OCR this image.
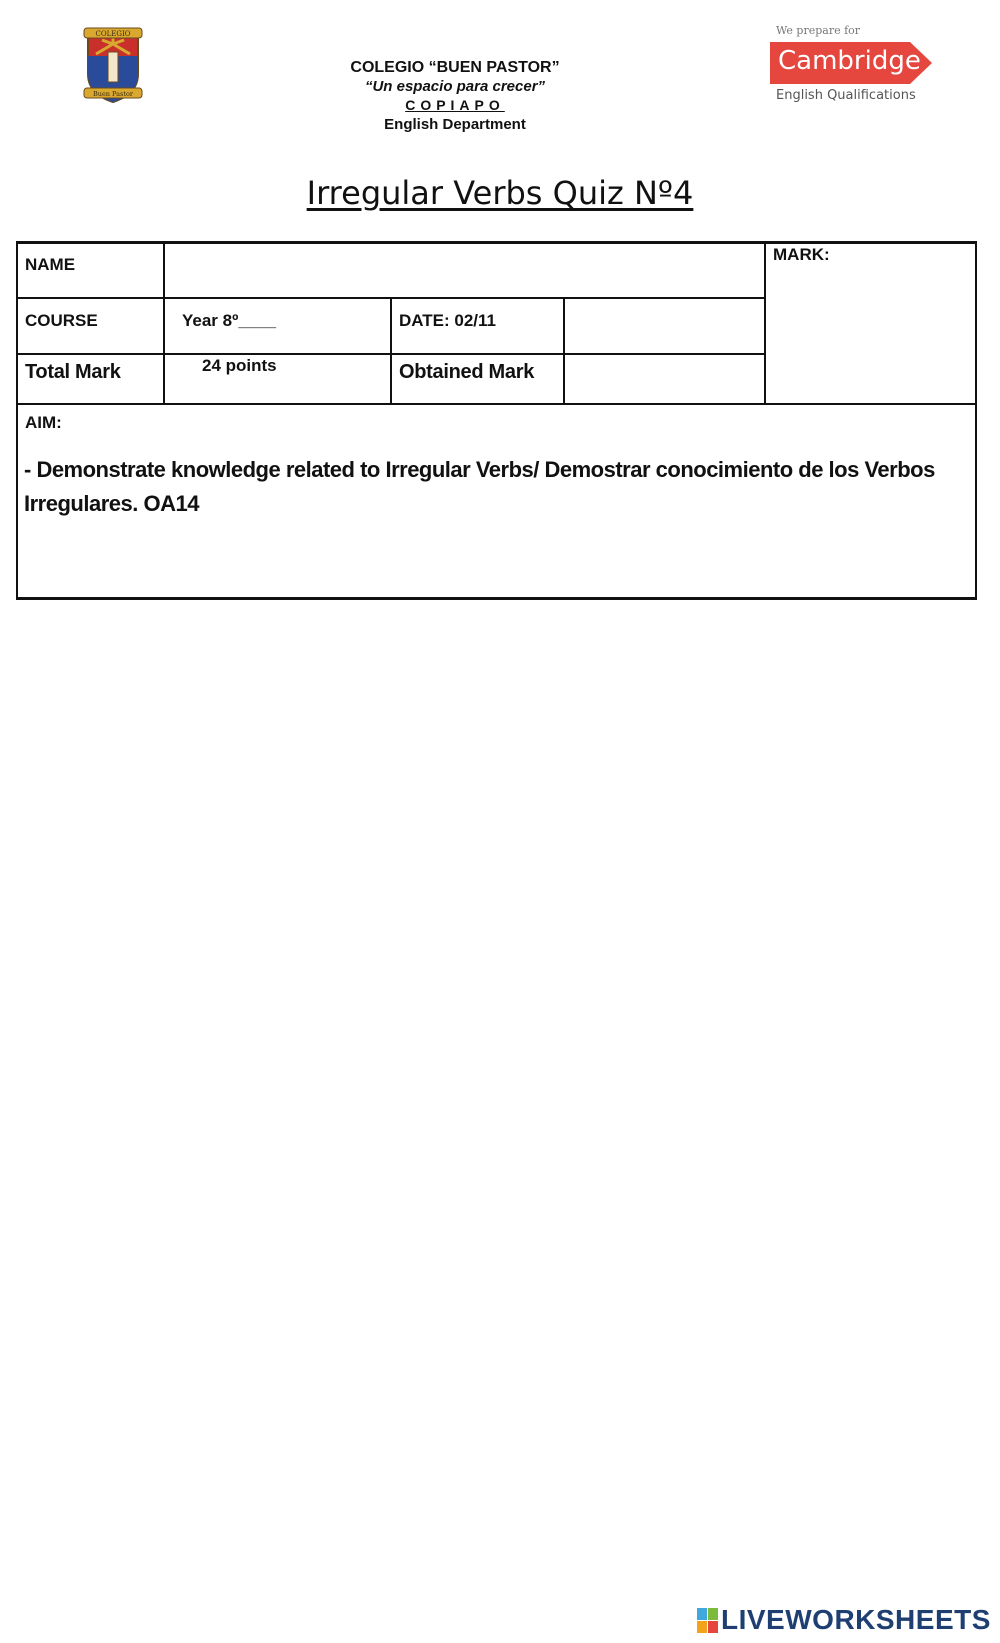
COLEGIO
Buen Pastor
COLEGIO “BUEN PASTOR”
“Un espacio para crecer”
COPIAPO
English Department
We prepare for
Cambridge
English Qualifications
Irregular Verbs Quiz Nº4
NAME
MARK:
COURSE	Year 8º____	DATE: 02/11
Total Mark	24 points	Obtained Mark
AIM:
- Demonstrate knowledge related to Irregular Verbs/ Demostrar conocimiento de los Verbos Irregulares. OA14
LIVEWORKSHEETS
